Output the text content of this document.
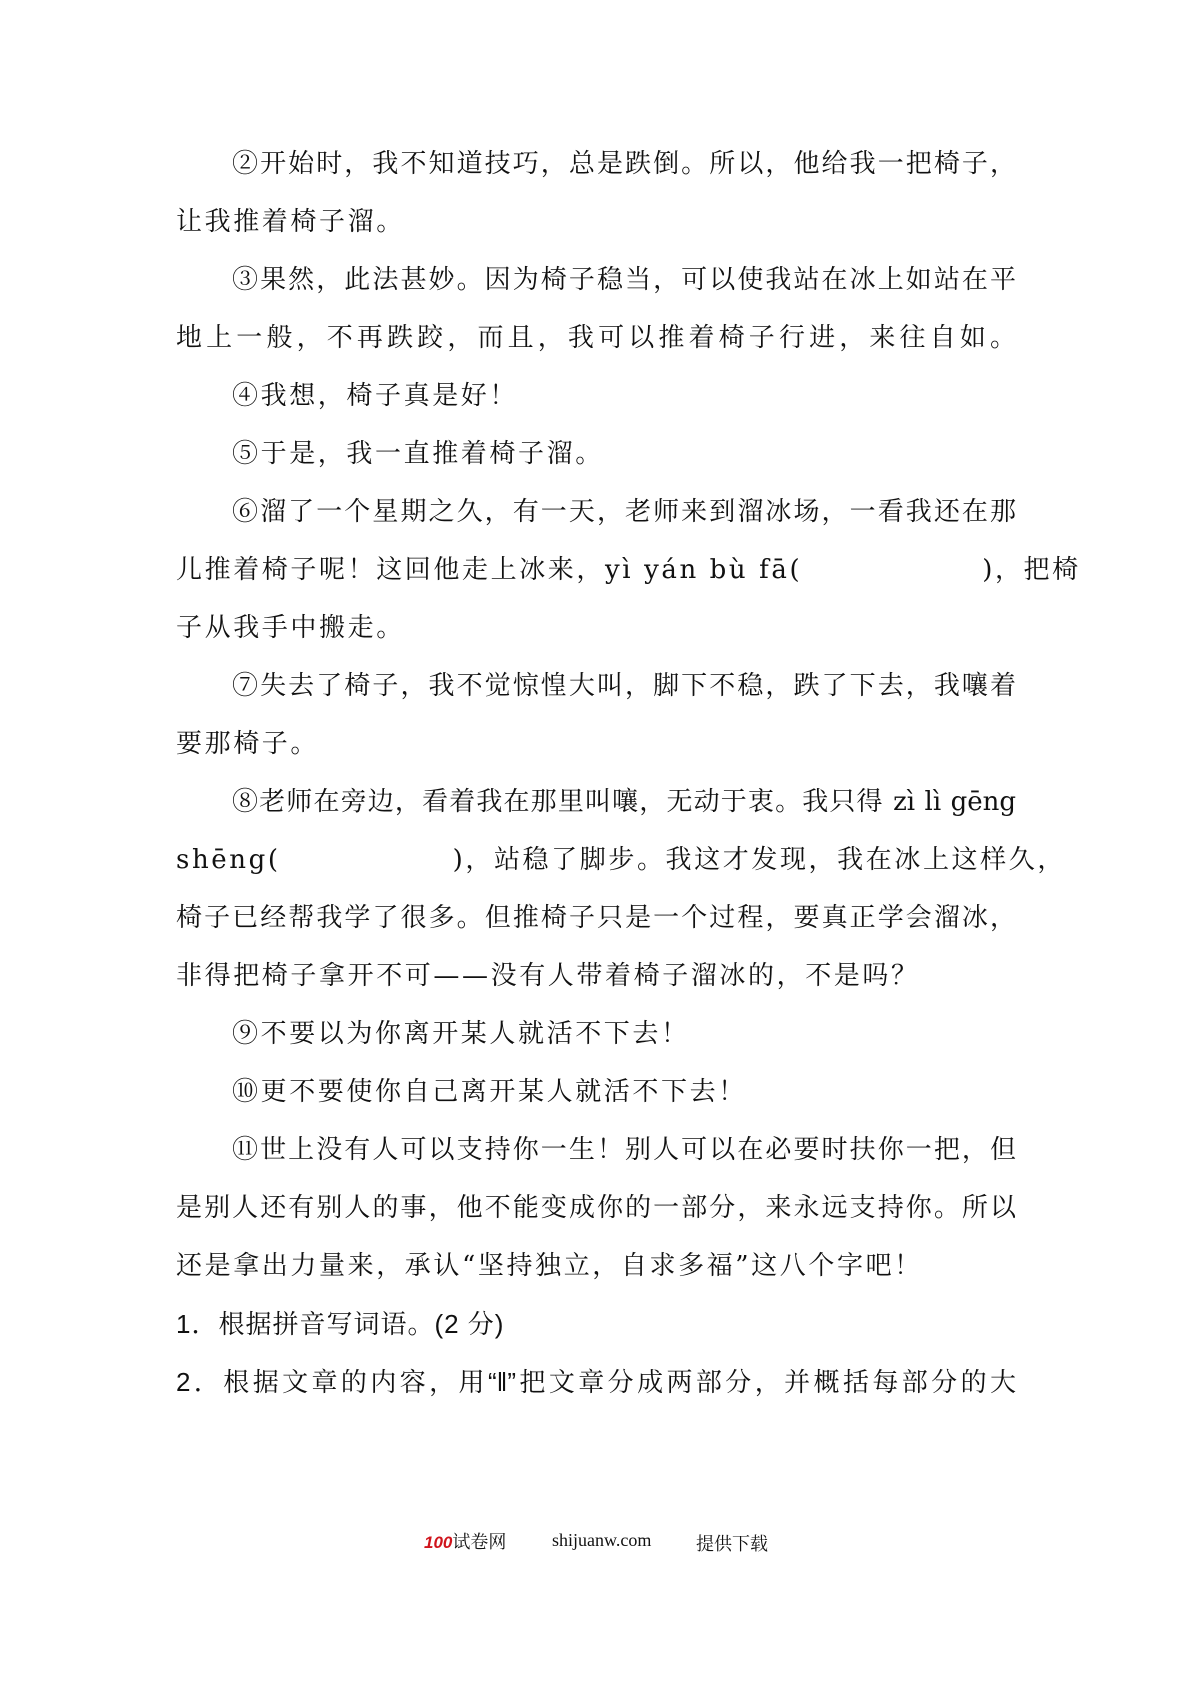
②开始时，我不知道技巧，总是跌倒。所以，他给我一把椅子，
让我推着椅子溜。
③果然，此法甚妙。因为椅子稳当，可以使我站在冰上如站在平
地上一般，不再跌跤，而且，我可以推着椅子行进，来往自如。
④我想，椅子真是好！
⑤于是，我一直推着椅子溜。
⑥溜了一个星期之久，有一天，老师来到溜冰场，一看我还在那
儿推着椅子呢！这回他走上冰来，yì yán bù fā(	)，把椅
子从我手中搬走。
⑦失去了椅子，我不觉惊惶大叫，脚下不稳，跌了下去，我嚷着
要那椅子。
⑧老师在旁边，看着我在那里叫嚷，无动于衷。我只得 zì lì gēng
shēng(	)，站稳了脚步。我这才发现，我在冰上这样久，
椅子已经帮我学了很多。但推椅子只是一个过程，要真正学会溜冰，
非得把椅子拿开不可——没有人带着椅子溜冰的，不是吗？
⑨不要以为你离开某人就活不下去！
⑩更不要使你自己离开某人就活不下去！
⑪世上没有人可以支持你一生！别人可以在必要时扶你一把，但
是别人还有别人的事，他不能变成你的一部分，来永远支持你。所以
还是拿出力量来，承认“坚持独立，自求多福”这八个字吧！
1．根据拼音写词语。(2 分)
2．根据文章的内容，用“‖”把文章分成两部分，并概括每部分的大
100试卷网	shijuanw.com 提供下载
